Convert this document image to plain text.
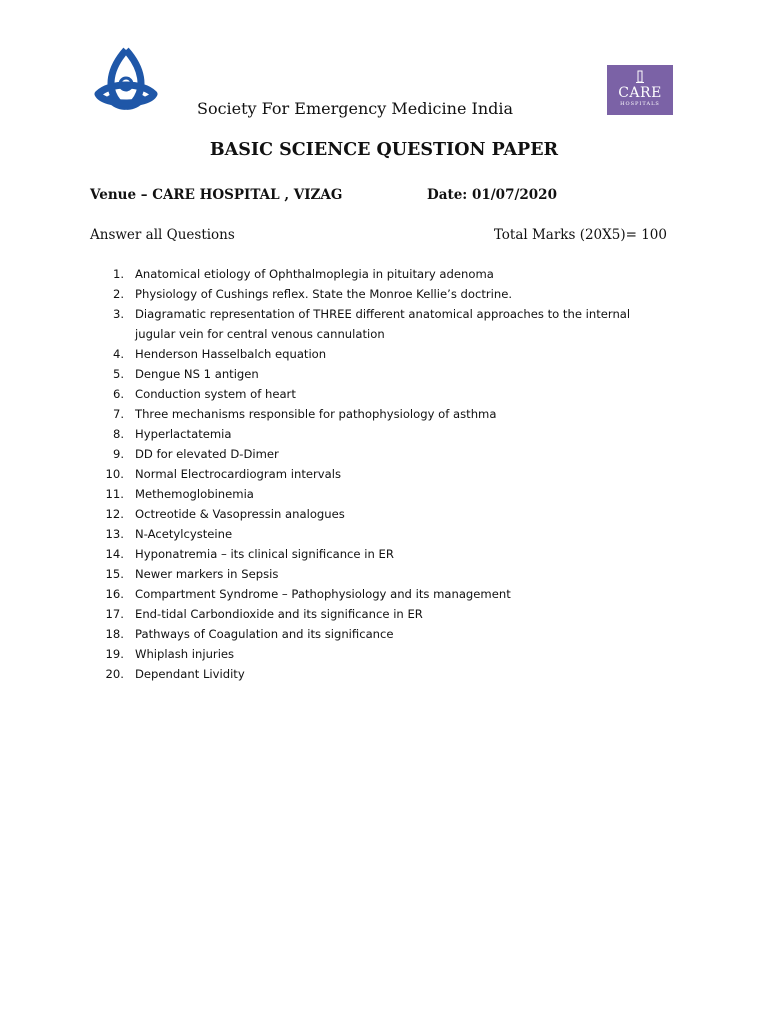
CARE
HOSPITALS
Society For Emergency Medicine India
BASIC SCIENCE QUESTION PAPER
Venue – CARE HOSPITAL , VIZAG	Date: 01/07/2020
Answer all Questions	Total Marks (20X5)= 100
1. Anatomical etiology of Ophthalmoplegia in pituitary adenoma
2. Physiology of Cushings reflex. State the Monroe Kellie’s doctrine.
3. Diagramatic representation of THREE different anatomical approaches to the internal jugular vein for central venous cannulation
4. Henderson Hasselbalch equation
5. Dengue NS 1 antigen
6. Conduction system of heart
7. Three mechanisms responsible for pathophysiology of asthma
8. Hyperlactatemia
9. DD for elevated D-Dimer
10. Normal Electrocardiogram intervals
11. Methemoglobinemia
12. Octreotide & Vasopressin analogues
13. N-Acetylcysteine
14. Hyponatremia – its clinical significance in ER
15. Newer markers in Sepsis
16. Compartment Syndrome – Pathophysiology and its management
17. End-tidal Carbondioxide and its significance in ER
18. Pathways of Coagulation and its significance
19. Whiplash injuries
20. Dependant Lividity
